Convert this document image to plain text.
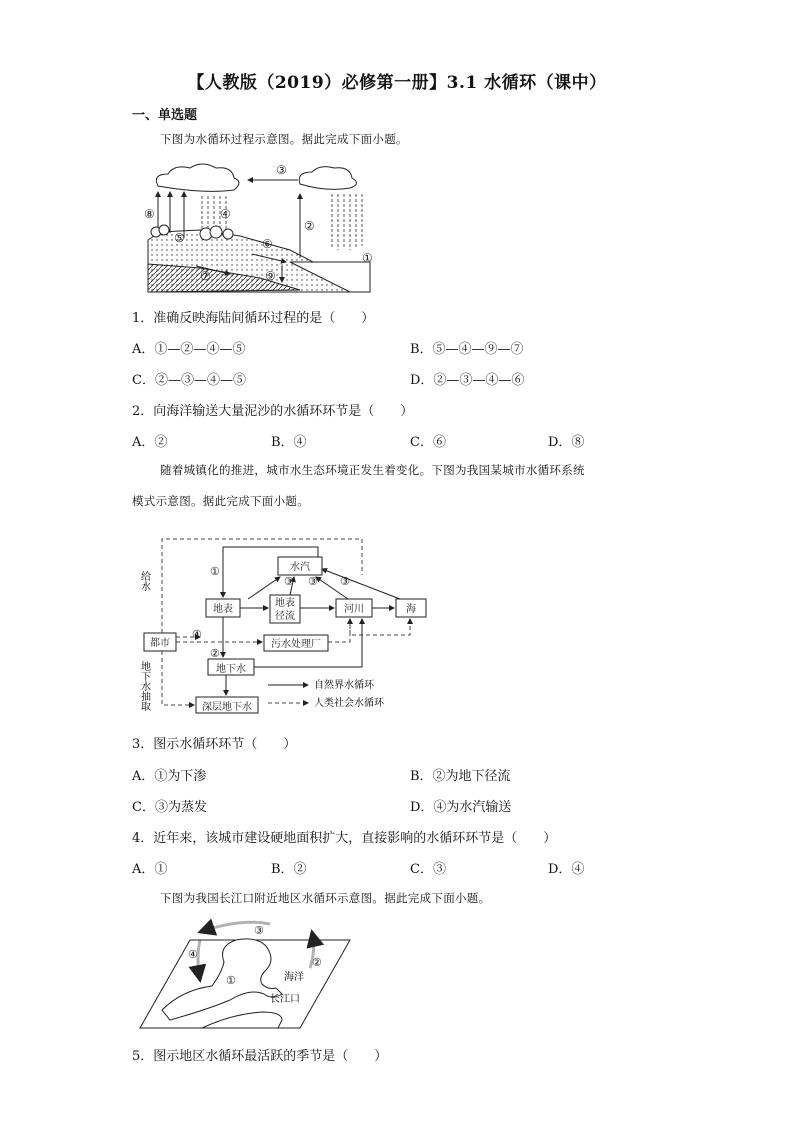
【人教版（2019）必修第一册】3.1 水循环（课中）
一、单选题
下图为水循环过程示意图。据此完成下面小题。
①
②
③
④
⑤	⑥
⑦
⑧
⑨
1．准确反映海陆间循环过程的是（　　）
A．①—②—④—⑤	B．⑤—④—⑨—⑦
C．②—③—④—⑤	D．②—③—④—⑥
2．向海洋输送大量泥沙的水循环环节是（　　）
A．②	B．④	C．⑥	D．⑧
随着城镇化的推进，城市水生态环境正发生着变化。下图为我国某城市水循环系统
模式示意图。据此完成下面小题。
给水
水汽
地表
地表
径流
河川	海
都市	污水处理厂
地下水
深层地下水
①
②
③ ③ ③
④
地下水抽取	自然界水循环
人类社会水循环
3．图示水循环环节（　　）
A．①为下渗	B．②为地下径流
C．③为蒸发	D．④为水汽输送
4．近年来，该城市建设硬地面积扩大，直接影响的水循环环节是（　　）
A．①	B．②	C．③	D．④
下图为我国长江口附近地区水循环示意图。据此完成下面小题。
①
②
③
④
海洋
长江口
5．图示地区水循环最活跃的季节是（　　）
